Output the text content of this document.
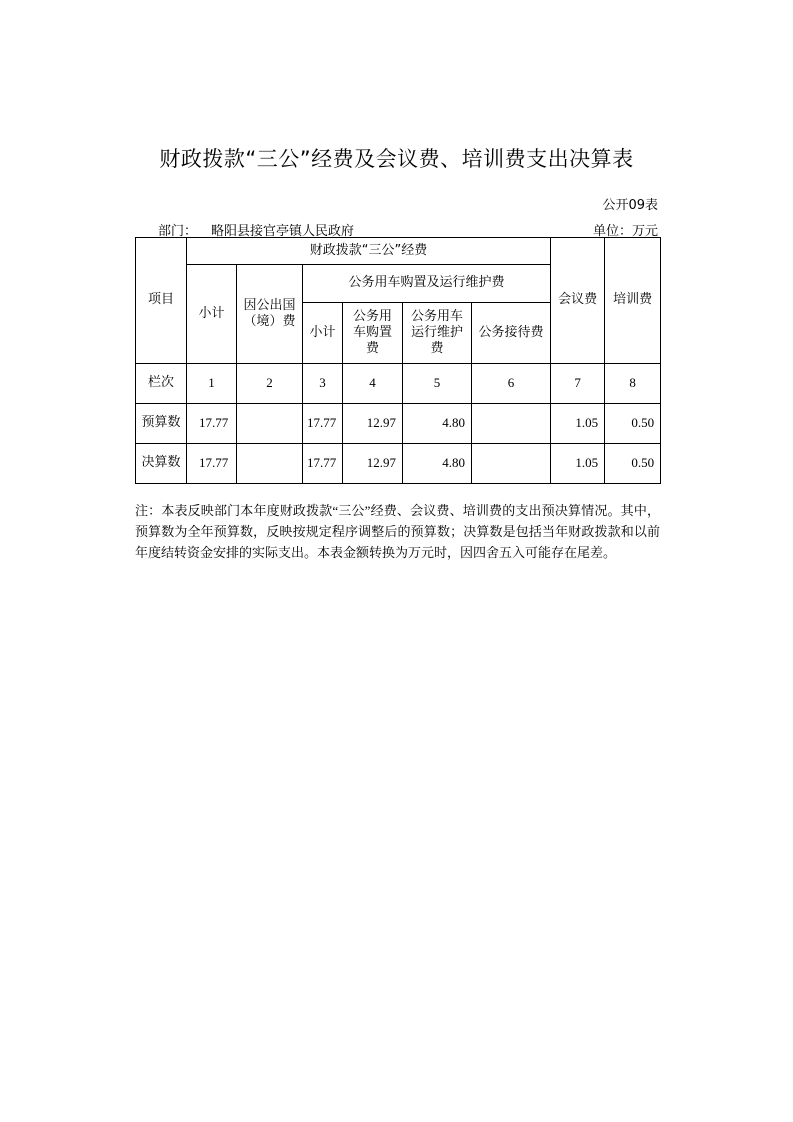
财政拨款“三公”经费及会议费、培训费支出决算表
公开09表
部门： 略阳县接官亭镇人民政府	单位：万元
项目	财政拨款“三公”经费						会议费	培训费
	小计	因公出国（境）费	公务用车购置及运行维护费					
			小计	公务用车购置费	公务用车运行维护费	公务接待费		
栏次	1	2	3	4	5	6	7	8
预算数	17.77		17.77	12.97	4.80		1.05	0.50
决算数	17.77		17.77	12.97	4.80		1.05	0.50
注：本表反映部门本年度财政拨款“三公”经费、会议费、培训费的支出预决算情况。其中，预算数为全年预算数，反映按规定程序调整后的预算数；决算数是包括当年财政拨款和以前年度结转资金安排的实际支出。本表金额转换为万元时，因四舍五入可能存在尾差。
